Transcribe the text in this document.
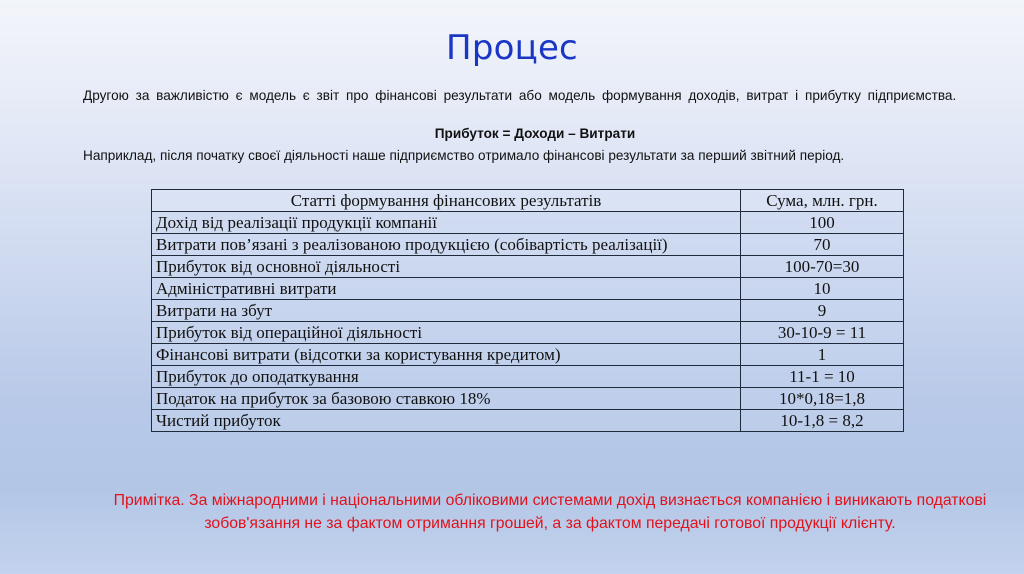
Процес
Другою за важливістю є модель є звіт про фінансові результати або модель формування доходів, витрат і прибутку підприємства.
Прибуток = Доходи – Витрати
Наприклад, після початку своєї діяльності наше підприємство отримало фінансові результати за перший звітний період.
Статті формування фінансових результатів	Сума, млн. грн.
Дохід від реалізації продукції компанії	100
Витрати пов’язані з реалізованою продукцією (собівартість реалізації)	70
Прибуток від основної діяльності	100-70=30
Адміністративні витрати	10
Витрати на збут	9
Прибуток від операційної діяльності	30-10-9 = 11
Фінансові витрати (відсотки за користування кредитом)	1
Прибуток до оподаткування	11-1 = 10
Податок на прибуток за базовою ставкою 18%	10*0,18=1,8
Чистий прибуток	10-1,8 = 8,2
Примітка. За міжнародними і національними обліковими системами дохід визнається компанією і виникають податкові зобов'язання не за фактом отримання грошей, а за фактом передачі готової продукції клієнту.
